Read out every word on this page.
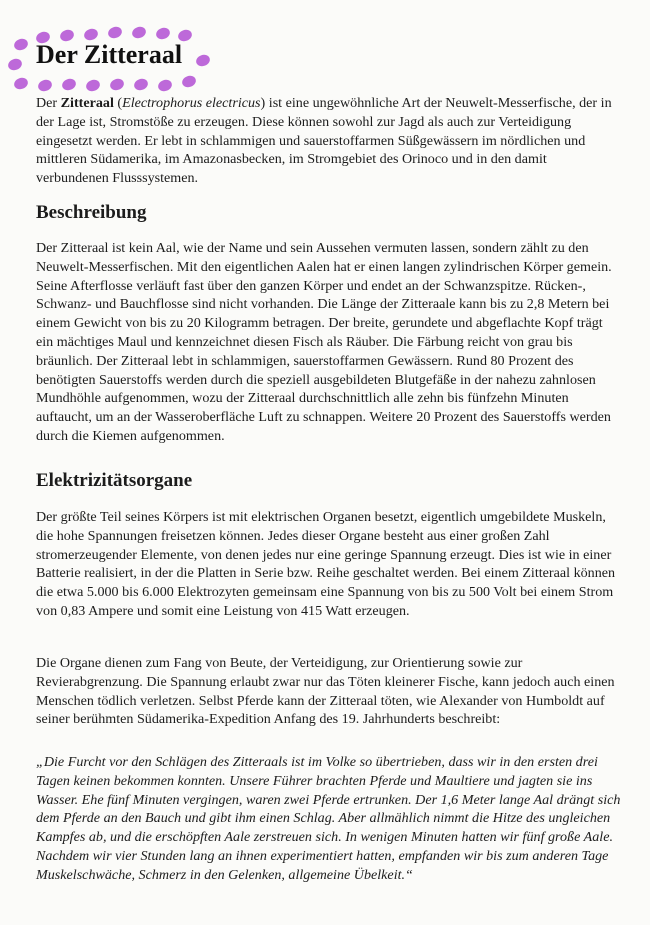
Der Zitteraal

Der Zitteraal (Electrophorus electricus) ist eine ungewöhnliche Art der Neuwelt-Messerfische, der in der Lage ist, Stromstöße zu erzeugen. Diese können sowohl zur Jagd als auch zur Verteidigung eingesetzt werden. Er lebt in schlammigen und sauerstoffarmen Süßgewässern im nördlichen und mittleren Südamerika, im Amazonasbecken, im Stromgebiet des Orinoco und in den damit verbundenen Flusssystemen.

Beschreibung

Der Zitteraal ist kein Aal, wie der Name und sein Aussehen vermuten lassen, sondern zählt zu den Neuwelt-Messerfischen. Mit den eigentlichen Aalen hat er einen langen zylindrischen Körper gemein. Seine Afterflosse verläuft fast über den ganzen Körper und endet an der Schwanzspitze. Rücken-, Schwanz- und Bauchflosse sind nicht vorhanden. Die Länge der Zitteraale kann bis zu 2,8 Metern bei einem Gewicht von bis zu 20 Kilogramm betragen. Der breite, gerundete und abgeflachte Kopf trägt ein mächtiges Maul und kennzeichnet diesen Fisch als Räuber. Die Färbung reicht von grau bis bräunlich. Der Zitteraal lebt in schlammigen, sauerstoffarmen Gewässern. Rund 80 Prozent des benötigten Sauerstoffs werden durch die speziell ausgebildeten Blutgefäße in der nahezu zahnlosen Mundhöhle aufgenommen, wozu der Zitteraal durchschnittlich alle zehn bis fünfzehn Minuten auftaucht, um an der Wasseroberfläche Luft zu schnappen. Weitere 20 Prozent des Sauerstoffs werden durch die Kiemen aufgenommen.

Elektrizitätsorgane

Der größte Teil seines Körpers ist mit elektrischen Organen besetzt, eigentlich umgebildete Muskeln, die hohe Spannungen freisetzen können. Jedes dieser Organe besteht aus einer großen Zahl stromerzeugender Elemente, von denen jedes nur eine geringe Spannung erzeugt. Dies ist wie in einer Batterie realisiert, in der die Platten in Serie bzw. Reihe geschaltet werden. Bei einem Zitteraal können die etwa 5.000 bis 6.000 Elektrozyten gemeinsam eine Spannung von bis zu 500 Volt bei einem Strom von 0,83 Ampere und somit eine Leistung von 415 Watt erzeugen.

Die Organe dienen zum Fang von Beute, der Verteidigung, zur Orientierung sowie zur Revierabgrenzung. Die Spannung erlaubt zwar nur das Töten kleinerer Fische, kann jedoch auch einen Menschen tödlich verletzen. Selbst Pferde kann der Zitteraal töten, wie Alexander von Humboldt auf seiner berühmten Südamerika-Expedition Anfang des 19. Jahrhunderts beschreibt:

„Die Furcht vor den Schlägen des Zitteraals ist im Volke so übertrieben, dass wir in den ersten drei Tagen keinen bekommen konnten. Unsere Führer brachten Pferde und Maultiere und jagten sie ins Wasser. Ehe fünf Minuten vergingen, waren zwei Pferde ertrunken. Der 1,6 Meter lange Aal drängt sich dem Pferde an den Bauch und gibt ihm einen Schlag. Aber allmählich nimmt die Hitze des ungleichen Kampfes ab, und die erschöpften Aale zerstreuen sich. In wenigen Minuten hatten wir fünf große Aale. Nachdem wir vier Stunden lang an ihnen experimentiert hatten, empfanden wir bis zum anderen Tage Muskelschwäche, Schmerz in den Gelenken, allgemeine Übelkeit.“
